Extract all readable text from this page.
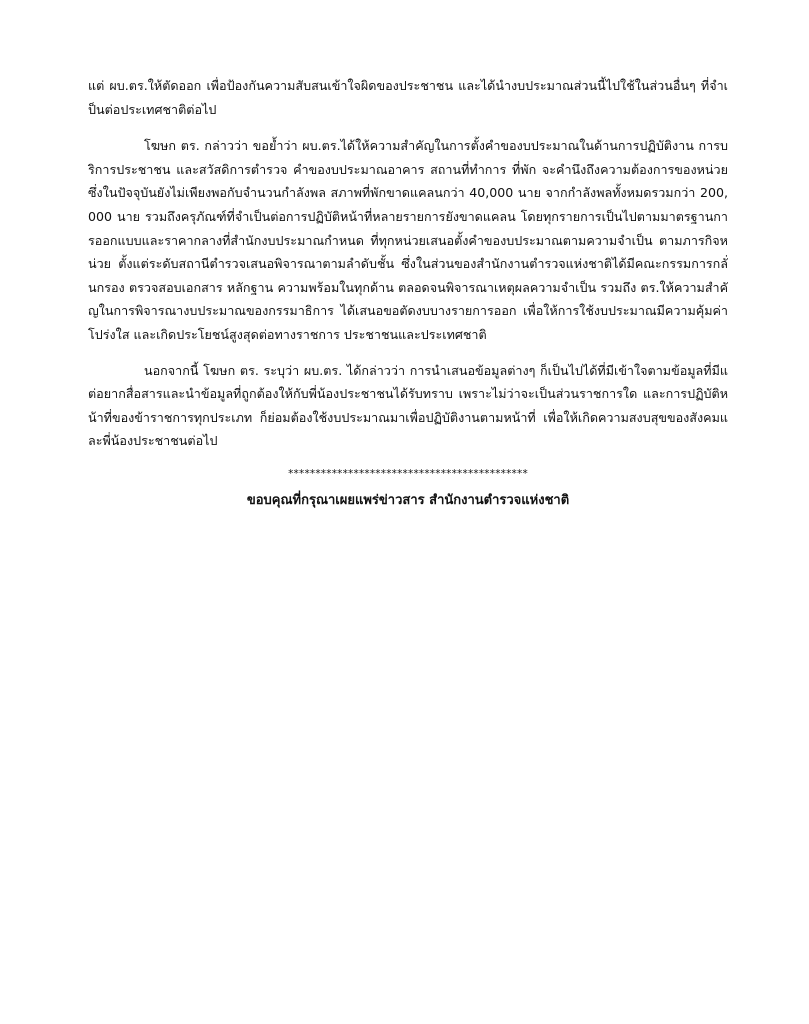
แต่ ผบ.ตร.ให้ตัดออก เพื่อป้องกันความสับสนเข้าใจผิดของประชาชน และได้นำงบประมาณส่วนนี้ไปใช้ในส่วนอื่นๆ ที่จำเป็นต่อประเทศชาติต่อไป

โฆษก ตร. กล่าวว่า ขอย้ำว่า ผบ.ตร.ได้ให้ความสำคัญในการตั้งคำของบประมาณในด้านการปฏิบัติงาน การบริการประชาชน และสวัสดิการตำรวจ คำของบประมาณอาคาร สถานที่ทำการ ที่พัก จะคำนึงถึงความต้องการของหน่วย ซึ่งในปัจจุบันยังไม่เพียงพอกับจำนวนกำลังพล สภาพที่พักขาดแคลนกว่า 40,000 นาย จากกำลังพลทั้งหมดรวมกว่า 200,000 นาย รวมถึงครุภัณฑ์ที่จำเป็นต่อการปฏิบัติหน้าที่หลายรายการยังขาดแคลน โดยทุกรายการเป็นไปตามมาตรฐานการออกแบบและราคากลางที่สำนักงบประมาณกำหนด ที่ทุกหน่วยเสนอตั้งคำของบประมาณตามความจำเป็น ตามภารกิจหน่วย ตั้งแต่ระดับสถานีตำรวจเสนอพิจารณาตามลำดับชั้น ซึ่งในส่วนของสำนักงานตำรวจแห่งชาติได้มีคณะกรรมการกลั่นกรอง ตรวจสอบเอกสาร หลักฐาน ความพร้อมในทุกด้าน ตลอดจนพิจารณาเหตุผลความจำเป็น รวมถึง ตร.ให้ความสำคัญในการพิจารณางบประมาณของกรรมาธิการ ได้เสนอขอตัดงบบางรายการออก เพื่อให้การใช้งบประมาณมีความคุ้มค่า โปร่งใส และเกิดประโยชน์สูงสุดต่อทางราชการ ประชาชนและประเทศชาติ

นอกจากนี้ โฆษก ตร. ระบุว่า ผบ.ตร. ได้กล่าวว่า การนำเสนอข้อมูลต่างๆ ก็เป็นไปได้ที่มีเข้าใจตามข้อมูลที่มีแต่อยากสื่อสารและนำข้อมูลที่ถูกต้องให้กับพี่น้องประชาชนได้รับทราบ เพราะไม่ว่าจะเป็นส่วนราชการใด และการปฏิบัติหน้าที่ของข้าราชการทุกประเภท ก็ย่อมต้องใช้งบประมาณมาเพื่อปฏิบัติงานตามหน้าที่ เพื่อให้เกิดความสงบสุขของสังคมและพี่น้องประชาชนต่อไป

********************************************
ขอบคุณที่กรุณาเผยแพร่ข่าวสาร สำนักงานตำรวจแห่งชาติ
